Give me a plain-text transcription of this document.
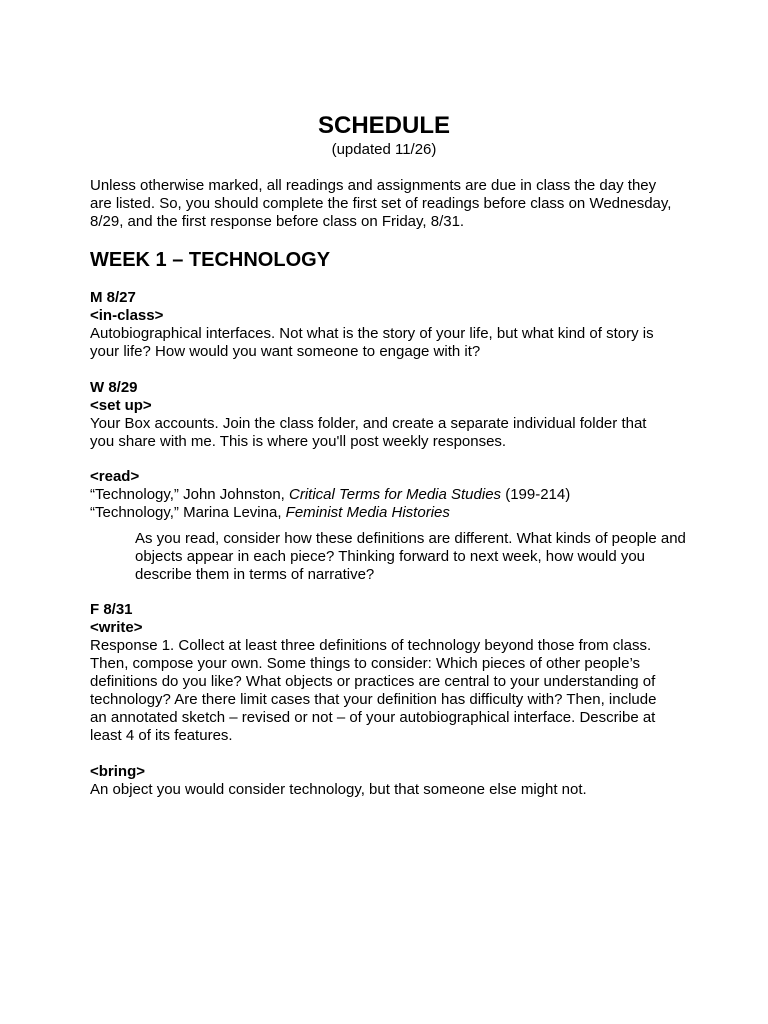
SCHEDULE
(updated 11/26)

Unless otherwise marked, all readings and assignments are due in class the day they are listed. So, you should complete the first set of readings before class on Wednesday, 8/29, and the first response before class on Friday, 8/31.

WEEK 1 – TECHNOLOGY
M 8/27
<in-class>

Autobiographical interfaces. Not what is the story of your life, but what kind of story is your life? How would you want someone to engage with it?

W 8/29
<set up>

Your Box accounts. Join the class folder, and create a separate individual folder that you share with me. This is where you'll post weekly responses.

<read>
“Technology,” John Johnston, Critical Terms for Media Studies (199-214)
“Technology,” Marina Levina, Feminist Media Histories

As you read, consider how these definitions are different. What kinds of people and objects appear in each piece? Thinking forward to next week, how would you describe them in terms of narrative?

F 8/31
<write>

Response 1. Collect at least three definitions of technology beyond those from class. Then, compose your own. Some things to consider: Which pieces of other people’s definitions do you like? What objects or practices are central to your understanding of technology? Are there limit cases that your definition has difficulty with? Then, include an annotated sketch – revised or not – of your autobiographical interface. Describe at least 4 of its features.

<bring>

An object you would consider technology, but that someone else might not.
